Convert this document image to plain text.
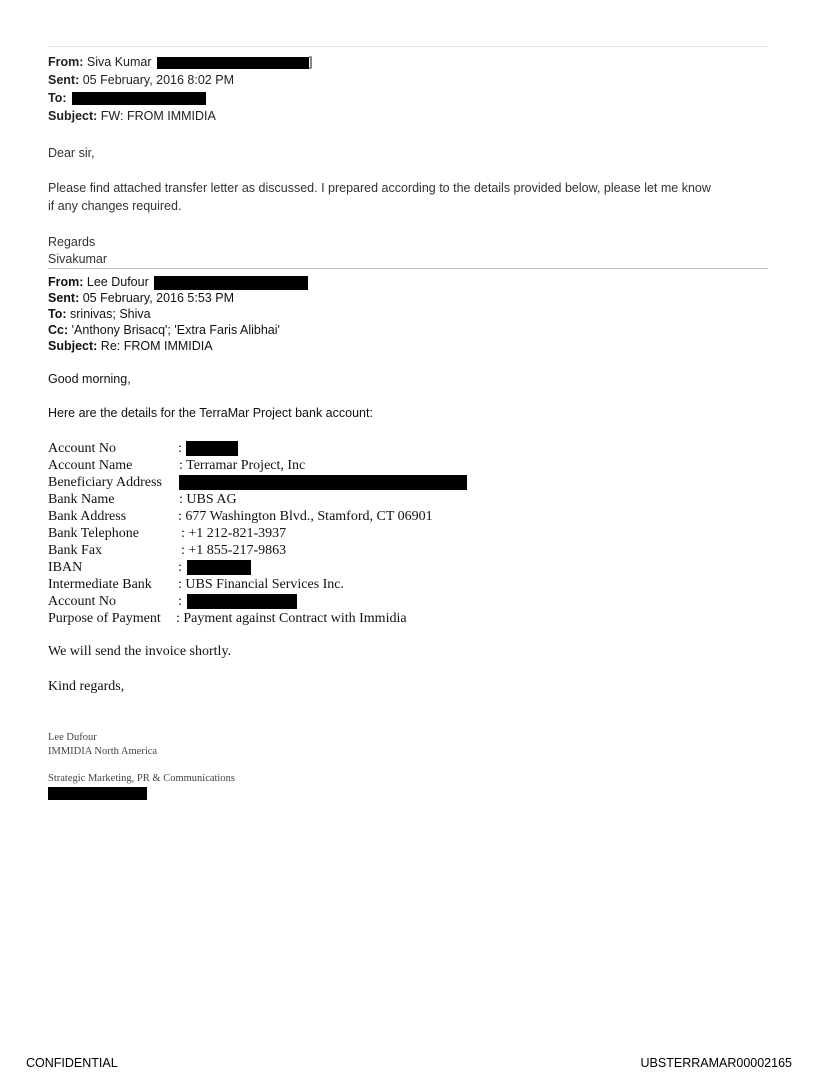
From: Siva Kumar	]
Sent: 05 February, 2016 8:02 PM
To:
Subject: FW: FROM IMMIDIA
Dear sir,
Please find attached transfer letter as discussed. I prepared according to the details provided below, please let me know
if any changes required.
Regards
Sivakumar
From: Lee Dufour
Sent: 05 February, 2016 5:53 PM
To: srinivas; Shiva
Cc: 'Anthony Brisacq'; 'Extra Faris Alibhai'
Subject: Re: FROM IMMIDIA
Good morning,
Here are the details for the TerraMar Project bank account:
Account No	:
Account Name	: Terramar Project, Inc
Beneficiary Address
Bank Name	: UBS AG
Bank Address	: 677 Washington Blvd., Stamford, CT 06901
Bank Telephone	: +1 212-821-3937
Bank Fax	: +1 855-217-9863
IBAN	:
Intermediate Bank : UBS Financial Services Inc.
Account No	:
Purpose of Payment : Payment against Contract with Immidia
We will send the invoice shortly.
Kind regards,
Lee Dufour
IMMIDIA North America
Strategic Marketing, PR & Communications
CONFIDENTIAL	UBSTERRAMAR00002165
